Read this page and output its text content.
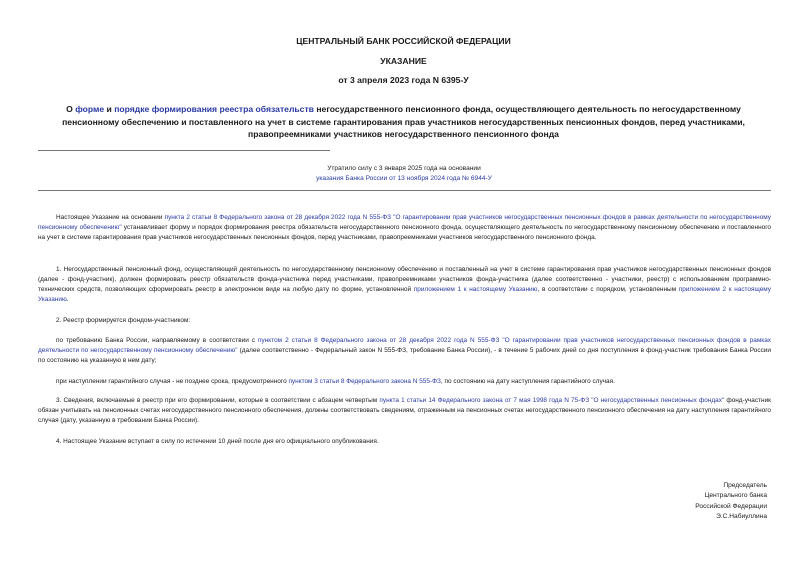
ЦЕНТРАЛЬНЫЙ БАНК РОССИЙСКОЙ ФЕДЕРАЦИИ
УКАЗАНИЕ
от 3 апреля 2023 года N 6395-У
О форме и порядке формирования реестра обязательств негосударственного пенсионного фонда, осуществляющего деятельность по негосударственному пенсионному обеспечению и поставленного на учет в системе гарантирования прав участников негосударственных пенсионных фондов, перед участниками, правопреемниками участников негосударственного пенсионного фонда
Утратило силу с 3 января 2025 года на основании
указания Банка России от 13 ноября 2024 года № 6944-У
Настоящее Указание на основании пункта 2 статьи 8 Федерального закона от 28 декабря 2022 года N 555-ФЗ "О гарантировании прав участников негосударственных пенсионных фондов в рамках деятельности по негосударственному пенсионному обеспечению" устанавливает форму и порядок формирования реестра обязательств негосударственного пенсионного фонда, осуществляющего деятельность по негосударственному пенсионному обеспечению и поставленного на учет в системе гарантирования прав участников негосударственных пенсионных фондов, перед участниками, правопреемниками участников негосударственного пенсионного фонда.
1. Негосударственный пенсионный фонд, осуществляющий деятельность по негосударственному пенсионному обеспечению и поставленный на учет в системе гарантирования прав участников негосударственных пенсионных фондов (далее - фонд-участник), должен формировать реестр обязательств фонда-участника перед участниками, правопреемниками участников фонда-участника (далее соответственно - участники, реестр) с использованием программно-технических средств, позволяющих сформировать реестр в электронном виде на любую дату по форме, установленной приложением 1 к настоящему Указанию, в соответствии с порядком, установленным приложением 2 к настоящему Указанию.
2. Реестр формируется фондом-участником:
по требованию Банка России, направляемому в соответствии с пунктом 2 статьи 8 Федерального закона от 28 декабря 2022 года N 555-ФЗ "О гарантировании прав участников негосударственных пенсионных фондов в рамках деятельности по негосударственному пенсионному обеспечению" (далее соответственно - Федеральный закон N 555-ФЗ, требование Банка России), - в течение 5 рабочих дней со дня поступления в фонд-участник требования Банка России по состоянию на указанную в нем дату;
при наступлении гарантийного случая - не позднее срока, предусмотренного пунктом 3 статьи 8 Федерального закона N 555-ФЗ, по состоянию на дату наступления гарантийного случая.
3. Сведения, включаемые в реестр при его формировании, которые в соответствии с абзацем четвертым пункта 1 статьи 14 Федерального закона от 7 мая 1998 года N 75-ФЗ "О негосударственных пенсионных фондах" фонд-участник обязан учитывать на пенсионных счетах негосударственного пенсионного обеспечения, должны соответствовать сведениям, отраженным на пенсионных счетах негосударственного пенсионного обеспечения на дату наступления гарантийного случая (дату, указанную в требовании Банка России).
4. Настоящее Указание вступает в силу по истечении 10 дней после дня его официального опубликования.
Председатель
Центрального банка
Российской Федерации
Э.С.Набиуллина
